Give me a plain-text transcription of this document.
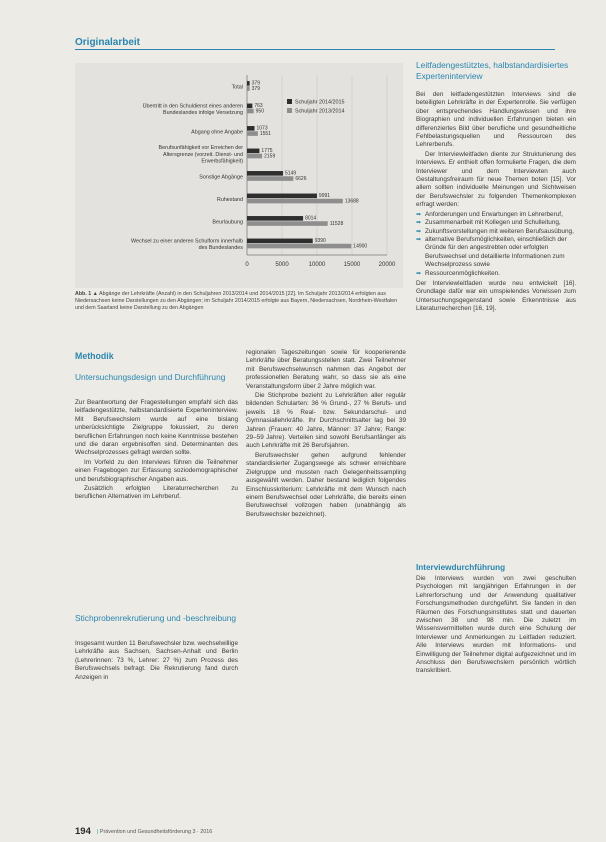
Originalarbeit
0	5000	10000	15000	20000
Total
379
379
Übertritt in den Schuldienst eines anderen
Bundeslandes infolge Versetzung
763
950
Abgang ohne Angabe
1073
1551
Berufsunfähigkeit vor Erreichen der
Altersgrenze (vorzeit. Dienst- und
Erwerbsfähigkeit)
1775
2159
Sonstige Abgänge
5149
6626
Ruhestand
9991
13688
Beurlaubung
8014
11528
Wechsel zu einer anderen Schulform innerhalb
des Bundeslandes
9390
14900
Schuljahr 2014/2015
Schuljahr 2013/2014
Abb. 1 ▲ Abgänge der Lehrkräfte (Anzahl) in den Schuljahren 2013/2014 und 2014/2015 [22]. Im Schuljahr 2013/2014 erfolgten aus Niedersachsen keine Darstellungen zu den Abgängen; im Schuljahr 2014/2015 erfolgte aus Bayern, Niedersachsen, Nordrhein-Westfalen und dem Saarland keine Darstellung zu den Abgängen
Methodik
Untersuchungsdesign und Durchführung

Zur Beantwortung der Fragestellungen empfahl sich das leitfadengestützte, halbstandardisierte Experteninterview. Mit Berufswechslern wurde auf eine bislang unberücksichtigte Zielgruppe fokussiert, zu deren beruflichen Erfahrungen noch keine Kenntnisse bestehen und die daran ergebnisoffen sind. Determinanten des Wechselprozesses gefragt werden sollte.

Im Vorfeld zu den Interviews führen die Teilnehmer einen Fragebogen zur Erfassung soziodemographischer und berufsbiographischer Angaben aus.

Zusätzlich erfolgten Literaturrecherchen zu beruflichen Alternativen im Lehrberuf.

Stichprobenrekrutierung und -beschreibung

Insgesamt wurden 11 Berufswechsler bzw. wechselwillige Lehrkräfte aus Sachsen, Sachsen-Anhalt und Berlin (Lehrerinnen: 73 %, Lehrer: 27 %) zum Prozess des Berufswechsels befragt. Die Rekrutierung fand durch Anzeigen in

regionalen Tageszeitungen sowie für kooperierende Lehrkräfte über Beratungsstellen statt. Zwei Teilnehmer mit Berufswechselwunsch nahmen das Angebot der professionellen Beratung wahr, so dass sie als eine Veranstaltungsform über 2 Jahre möglich war.

Die Stichprobe bezieht zu Lehrkräften aller regulär bildenden Schularten: 36 % Grund-, 27 % Berufs- und jeweils 18 % Real- bzw. Sekundarschul- und Gymnasiallehrkräfte. Ihr Durchschnittsalter lag bei 39 Jahren (Frauen: 40 Jahre, Männer: 37 Jahre; Range: 29–59 Jahre). Verteilen sind sowohl Berufsanfänger als auch Lehrkräfte mit 26 Berufsjahren.

Berufswechsler gehen aufgrund fehlender standardisierter Zugangswege als schwer erreichbare Zielgruppe und mussten nach Gelegenheitssampling ausgewählt werden. Daher bestand lediglich folgendes Einschlusskriterium: Lehrkräfte mit dem Wunsch nach einem Berufswechsel oder Lehrkräfte, die bereits einen Berufswechsel vollzogen haben (unabhängig als Berufswechsler bezeichnet).

Leitfadengestütztes, halbstandardisiertes Experteninterview

Bei den leitfadengestützten Interviews sind die beteiligten Lehrkräfte in der Expertenrolle. Sie verfügen über entsprechendes Handlungswissen und ihre Biographien und individuellen Erfahrungen bieten ein differenziertes Bild über berufliche und gesundheitliche Fehlbelastungsquellen und Ressourcen des Lehrerberufs.

Der Interviewleitfaden diente zur Strukturierung des Interviews. Er enthielt offen formulierte Fragen, die dem Interviewer und dem Interviewten auch Gestaltungsfreiraum für neue Themen boten [15]. Vor allem sollten individuelle Meinungen und Sichtweisen der Berufswechsler zu folgenden Themenkomplexen erfragt werden:

➡ Anforderungen und Erwartungen im Lehrerberuf,
➡ Zusammenarbeit mit Kollegen und Schulleitung,
➡ Zukunftsvorstellungen mit weiteren Berufsausübung,
➡ alternative Berufsmöglichkeiten, einschließlich der Gründe für den angestrebten oder erfolgten Berufswechsel und detaillierte Informationen zum Wechselprozess sowie
➡ Ressourcenmöglichkeiten.

Der Interviewleitfaden wurde neu entwickelt [16]. Grundlage dafür war ein umspielendes Vorwissen zum Untersuchungsgegenstand sowie Erkenntnisse aus Literaturrecherchen [16, 19].

Interviewdurchführung

Die Interviews wurden von zwei geschulten Psychologen mit langjährigen Erfahrungen in der Lehrerforschung und der Anwendung qualitativer Forschungsmethoden durchgeführt. Sie fanden in den Räumen des Forschungsinstitutes statt und dauerten zwischen 38 und 98 min. Die zuletzt im Wissensvermittelten wurde durch eine Schulung der Interviewer und Anmerkungen zu Leitfaden reduziert. Alle Interviews wurden mit Informations- und Einwilligung der Teilnehmer digital aufgezeichnet und im Anschluss den Berufswechslern persönlich wörtlich transkribiert.

194 | Prävention und Gesundheitsförderung 3 · 2016
